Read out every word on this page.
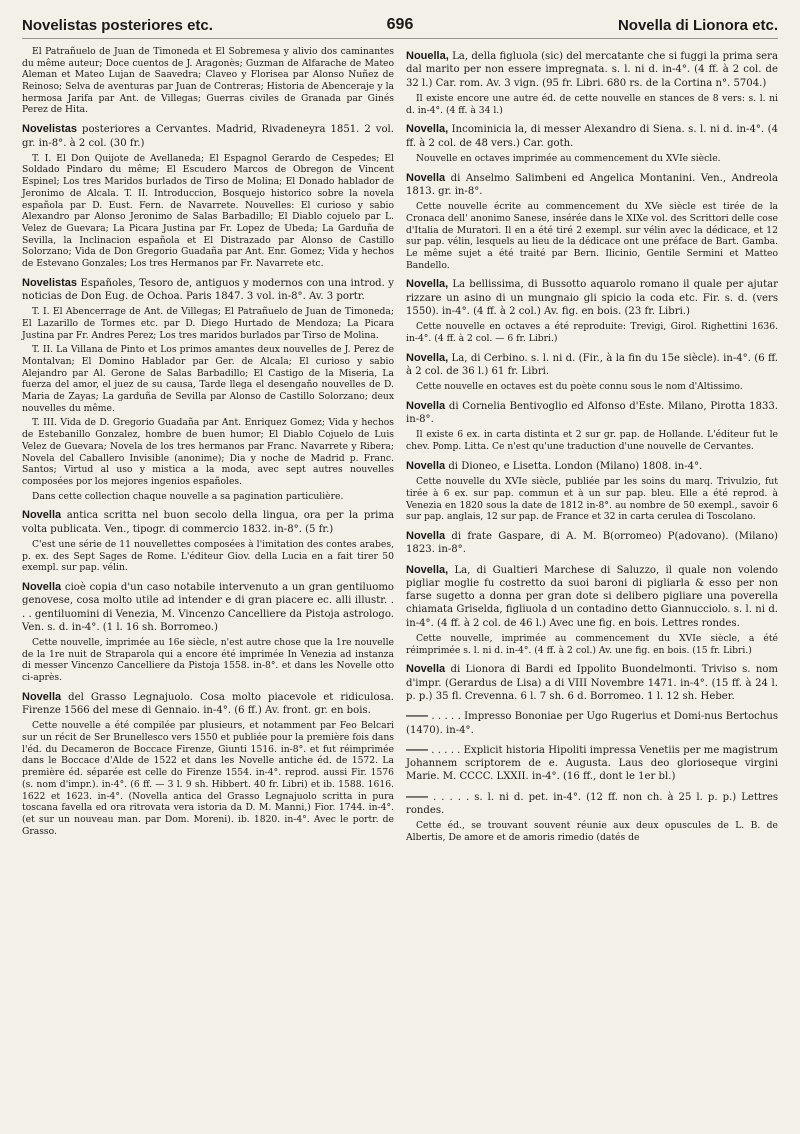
Novelistas posteriores etc.	696	Novella di Lionora etc.

El Patrañuelo de Juan de Timoneda et El Sobremesa y alivio dos caminantes du même auteur; Doce cuentos de J. Aragonès; Guzman de Alfarache de Mateo Aleman et Mateo Lujan de Saavedra; Claveo y Florisea par Alonso Nuñez de Reinoso; Selva de aventuras par Juan de Contreras; Historia de Abenceraje y la hermosa Jarifa par Ant. de Villegas; Guerras civiles de Granada par Ginés Perez de Hita.

Novelistas posteriores a Cervantes. Madrid, Rivadeneyra 1851. 2 vol. gr. in-8°. à 2 col. (30 fr.)

T. I. El Don Quijote de Avellaneda; El Espagnol Gerardo de Cespedes; El Soldado Pindaro du même; El Escudero Marcos de Obregon de Vincent Espinel; Los tres Maridos burlados de Tirso de Molina; El Donado hablador de Jeronimo de Alcala. T. II. Introduccion, Bosquejo historico sobre la novela española par D. Eust. Fern. de Navarrete. Nouvelles: El curioso y sabio Alexandro par Alonso Jeronimo de Salas Barbadillo; El Diablo cojuelo par L. Velez de Guevara; La Picara Justina par Fr. Lopez de Ubeda; La Garduña de Sevilla, la Inclinacion española et El Distrazado par Alonso de Castillo Solorzano; Vida de Don Gregorio Guadaña par Ant. Enr. Gomez; Vida y hechos de Estevano Gonzales; Los tres Hermanos par Fr. Navarrete etc.

Novelistas Españoles, Tesoro de, antiguos y modernos con una introd. y noticias de Don Eug. de Ochoa. Paris 1847. 3 vol. in-8°. Av. 3 portr.

T. I. El Abencerrage de Ant. de Villegas; El Patrañuelo de Juan de Timoneda; El Lazarillo de Tormes etc. par D. Diego Hurtado de Mendoza; La Picara Justina par Fr. Andres Perez; Los tres maridos burlados par Tirso de Molina.

T. II. La Villana de Pinto et Los primos amantes deux nouvelles de J. Perez de Montalvan; El Domino Hablador par Ger. de Alcala; El curioso y sabio Alejandro par Al. Gerone de Salas Barbadillo; El Castigo de la Miseria, La fuerza del amor, el juez de su causa, Tarde llega el desengaño nouvelles de D. Maria de Zayas; La garduña de Sevilla par Alonso de Castillo Solorzano; deux nouvelles du même.

T. III. Vida de D. Gregorio Guadaña par Ant. Enriquez Gomez; Vida y hechos de Estebanillo Gonzalez, hombre de buen humor; El Diablo Cojuelo de Luis Velez de Guevara; Novela de los tres hermanos par Franc. Navarrete y Ribera; Novela del Caballero Invisible (anonime); Dia y noche de Madrid p. Franc. Santos; Virtud al uso y mistica a la moda, avec sept autres nouvelles composées por los mejores ingenios españoles.

Dans cette collection chaque nouvelle a sa pagination particulière.

Novella antica scritta nel buon secolo della lingua, ora per la prima volta publicata. Ven., tipogr. di commercio 1832. in-8°. (5 fr.)

C'est une série de 11 nouvellettes composées à l'imitation des contes arabes, p. ex. des Sept Sages de Rome. L'éditeur Giov. della Lucia en a fait tirer 50 exempl. sur pap. vélin.

Novella cioè copia d'un caso notabile intervenuto a un gran gentiluomo genovese, cosa molto utile ad intender e di gran piacere ec. alli illustr. . . . gentiluomini di Venezia, M. Vincenzo Cancelliere da Pistoja astrologo. Ven. s. d. in-4°. (1 l. 16 sh. Borromeo.)

Cette nouvelle, imprimée au 16e siècle, n'est autre chose que la 1re nouvelle de la 1re nuit de Straparola qui a encore été imprimée In Venezia ad instanza di messer Vincenzo Cancelliere da Pistoja 1558. in-8°. et dans les Novelle otto ci-après.

Novella del Grasso Legnajuolo. Cosa molto piacevole et ridiculosa. Firenze 1566 del mese di Gennaio. in-4°. (6 ff.) Av. front. gr. en bois.

Cette nouvelle a été compilée par plusieurs, et notamment par Feo Belcari sur un récit de Ser Brunellesco vers 1550 et publiée pour la première fois dans l'éd. du Decameron de Boccace Firenze, Giunti 1516. in-8°. et fut réimprimée dans le Boccace d'Alde de 1522 et dans les Novelle antiche éd. de 1572. La première éd. séparée est celle do Firenze 1554. in-4°. reprod. aussi Fir. 1576 (s. nom d'impr.). in-4°. (6 ff. — 3 l. 9 sh. Hibbert. 40 fr. Libri) et ib. 1588. 1616. 1622 et 1623. in-4°. (Novella antica del Grasso Legnajuolo scritta in pura toscana favella ed ora ritrovata vera istoria da D. M. Manni,) Fior. 1744. in-4°. (et sur un nouveau man. par Dom. Moreni). ib. 1820. in-4°. Avec le portr. de Grasso.

Nouella, La, della figluola (sic) del mercatante che si fuggi la prima sera dal marito per non essere impregnata. s. l. ni d. in-4°. (4 ff. à 2 col. de 32 l.) Car. rom. Av. 3 vign. (95 fr. Libri. 680 rs. de la Cortina n°. 5704.)

Il existe encore une autre éd. de cette nouvelle en stances de 8 vers: s. l. ni d. in-4°. (4 ff. à 34 l.)

Novella, Incominicia la, di messer Alexandro di Siena. s. l. ni d. in-4°. (4 ff. à 2 col. de 48 vers.) Car. goth.

Nouvelle en octaves imprimée au commencement du XVIe siècle.

Novella di Anselmo Salimbeni ed Angelica Montanini. Ven., Andreola 1813. gr. in-8°.

Cette nouvelle écrite au commencement du XVe siècle est tirée de la Cronaca dell' anonimo Sanese, insérée dans le XIXe vol. des Scrittori delle cose d'Italia de Muratori. Il en a été tiré 2 exempl. sur vélin avec la dédicace, et 12 sur pap. vélin, lesquels au lieu de la dédicace ont une préface de Bart. Gamba. Le même sujet a été traité par Bern. Ilicinio, Gentile Sermini et Matteo Bandello.

Novella, La bellissima, di Bussotto aquarolo romano il quale per ajutar rizzare un asino di un mungnaio gli spicio la coda etc. Fir. s. d. (vers 1550). in-4°. (4 ff. à 2 col.) Av. fig. en bois. (23 fr. Libri.)

Cette nouvelle en octaves a été reproduite: Trevigi, Girol. Righettini 1636. in-4°. (4 ff. à 2 col. — 6 fr. Libri.)

Novella, La, di Cerbino. s. l. ni d. (Fir., à la fin du 15e siècle). in-4°. (6 ff. à 2 col. de 36 l.) 61 fr. Libri.

Cette nouvelle en octaves est du poète connu sous le nom d'Altissimo.

Novella di Cornelia Bentivoglio ed Alfonso d'Este. Milano, Pirotta 1833. in-8°.

Il existe 6 ex. in carta distinta et 2 sur gr. pap. de Hollande. L'éditeur fut le chev. Pomp. Litta. Ce n'est qu'une traduction d'une nouvelle de Cervantes.

Novella di Dioneo, e Lisetta. London (Milano) 1808. in-4°.

Cette nouvelle du XVIe siècle, publiée par les soins du marq. Trivulzio, fut tirée à 6 ex. sur pap. commun et à un sur pap. bleu. Elle a été reprod. à Venezia en 1820 sous la date de 1812 in-8°. au nombre de 50 exempl., savoir 6 sur pap. anglais, 12 sur pap. de France et 32 in carta cerulea di Toscolano.

Novella di frate Gaspare, di A. M. B(orromeo) P(adovano). (Milano) 1823. in-8°.

Novella, La, di Gualtieri Marchese di Saluzzo, il quale non volendo pigliar moglie fu costretto da suoi baroni di pigliarla & esso per non farse sugetto a donna per gran dote si delibero pigliare una poverella chiamata Griselda, figliuola d un contadino detto Giannucciolo. s. l. ni d. in-4°. (4 ff. à 2 col. de 46 l.) Avec une fig. en bois. Lettres rondes.

Cette nouvelle, imprimée au commencement du XVIe siècle, a été réimprimée s. l. ni d. in-4°. (4 ff. à 2 col.) Av. une fig. en bois. (15 fr. Libri.)

Novella di Lionora di Bardi ed Ippolito Buondelmonti. Triviso s. nom d'impr. (Gerardus de Lisa) a di VIII Novembre 1471. in-4°. (15 ff. à 24 l. p. p.) 35 fl. Crevenna. 6 l. 7 sh. 6 d. Borromeo. 1 l. 12 sh. Heber.

—— . . . . . Impresso Bononiae per Ugo Rugerius et Domi-nus Bertochus (1470). in-4°.

—— . . . . . Explicit historia Hipoliti impressa Venetiis per me magistrum Johannem scriptorem de e. Augusta. Laus deo glorioseque virgini Marie. M. CCCC. LXXII. in-4°. (16 ff., dont le 1er bl.)

—— . . . . . s. l. ni d. pet. in-4°. (12 ff. non ch. à 25 l. p. p.) Lettres rondes.

Cette éd., se trouvant souvent réunie aux deux opuscules de L. B. de Albertis, De amore et de amoris rimedio (datés de
